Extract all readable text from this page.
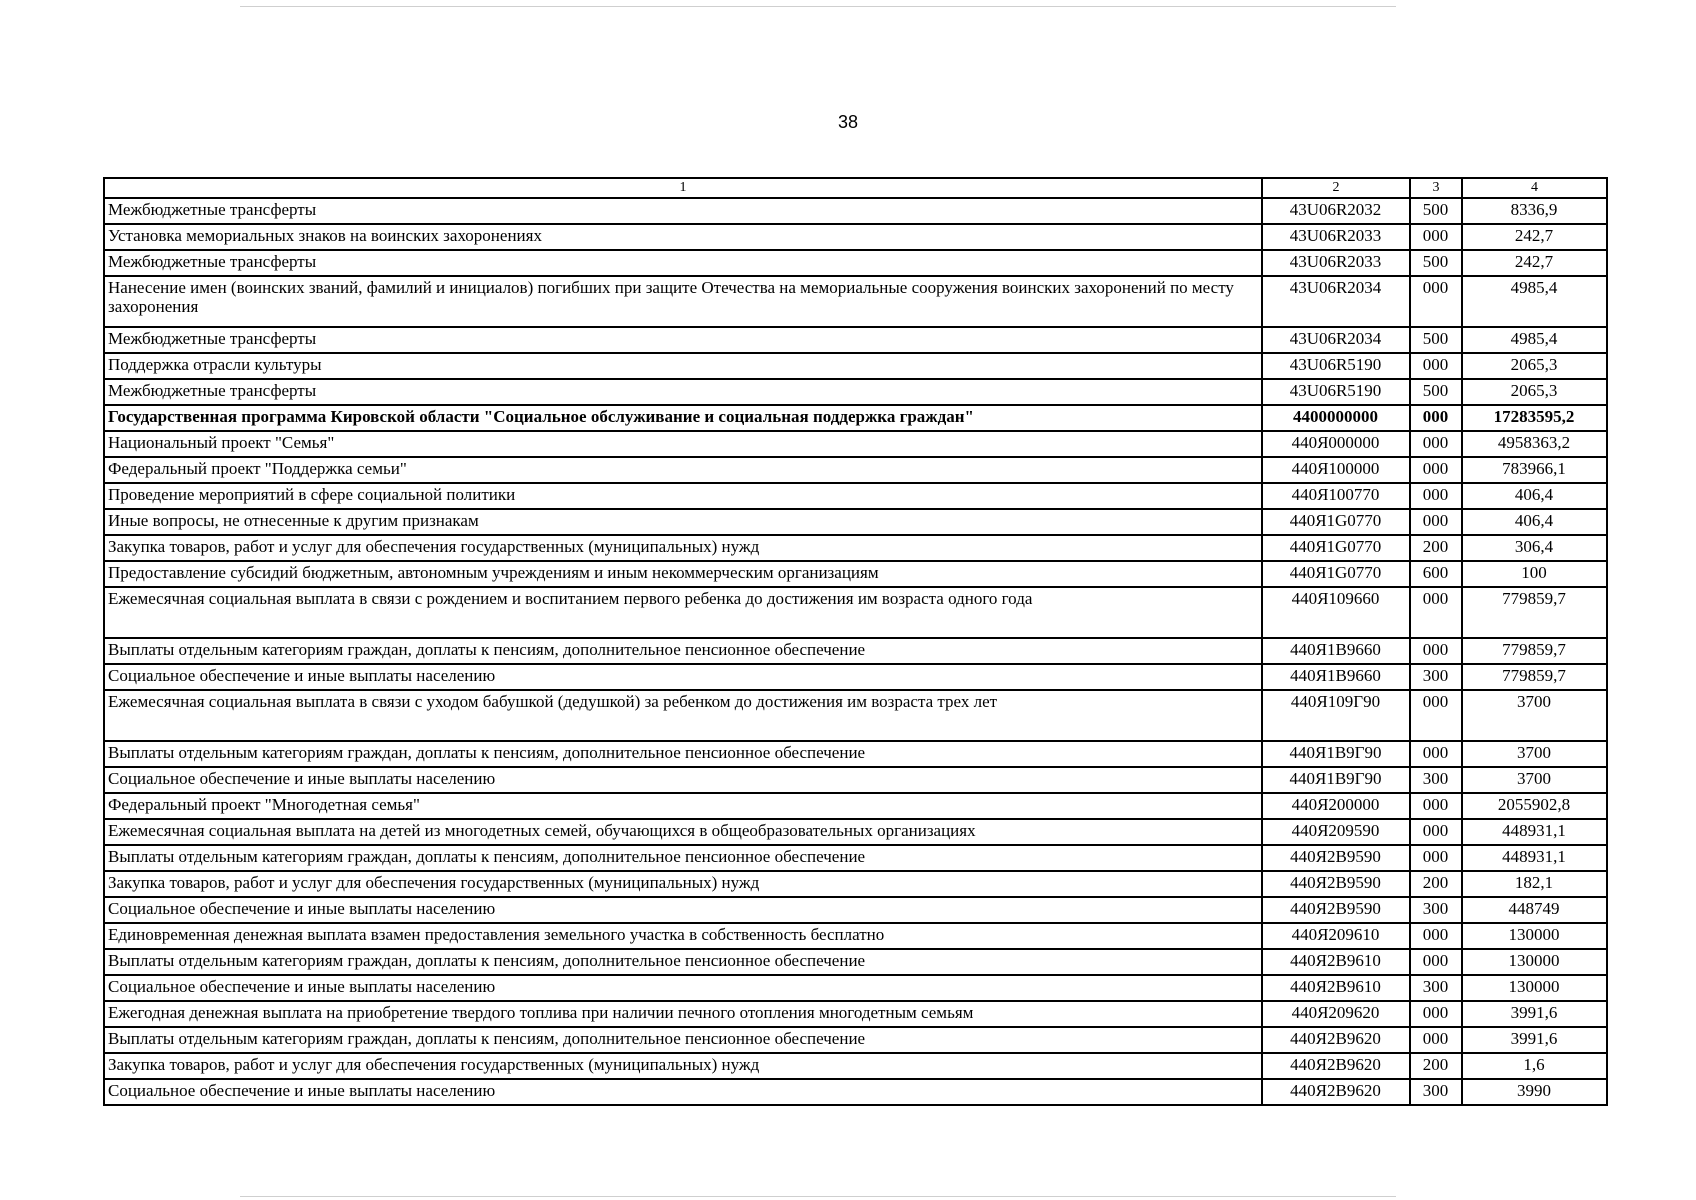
38
1	2	3	4
Межбюджетные трансферты	43U06R2032	500	8336,9
Установка мемориальных знаков на воинских захоронениях	43U06R2033	000	242,7
Межбюджетные трансферты	43U06R2033	500	242,7
Нанесение имен (воинских званий, фамилий и инициалов) погибших при защите Отечества на мемориальные сооружения воинских захоронений по месту захоронения	43U06R2034	000	4985,4
Межбюджетные трансферты	43U06R2034	500	4985,4
Поддержка отрасли культуры	43U06R5190	000	2065,3
Межбюджетные трансферты	43U06R5190	500	2065,3
Государственная программа Кировской области "Социальное обслуживание и социальная поддержка граждан"	4400000000	000	17283595,2
Национальный проект "Семья"	440Я000000	000	4958363,2
Федеральный проект "Поддержка семьи"	440Я100000	000	783966,1
Проведение мероприятий в сфере социальной политики	440Я100770	000	406,4
Иные вопросы, не отнесенные к другим признакам	440Я1G0770	000	406,4
Закупка товаров, работ и услуг для обеспечения государственных (муниципальных) нужд	440Я1G0770	200	306,4
Предоставление субсидий бюджетным, автономным учреждениям и иным некоммерческим организациям	440Я1G0770	600	100
Ежемесячная социальная выплата в связи с рождением и воспитанием первого ребенка до достижения им возраста одного года	440Я109660	000	779859,7
Выплаты отдельным категориям граждан, доплаты к пенсиям, дополнительное пенсионное обеспечение	440Я1B9660	000	779859,7
Социальное обеспечение и иные выплаты населению	440Я1B9660	300	779859,7
Ежемесячная социальная выплата в связи с уходом бабушкой (дедушкой) за ребенком до достижения им возраста трех лет	440Я109Г90	000	3700
Выплаты отдельным категориям граждан, доплаты к пенсиям, дополнительное пенсионное обеспечение	440Я1B9Г90	000	3700
Социальное обеспечение и иные выплаты населению	440Я1B9Г90	300	3700
Федеральный проект "Многодетная семья"	440Я200000	000	2055902,8
Ежемесячная социальная выплата на детей из многодетных семей, обучающихся в общеобразовательных организациях	440Я209590	000	448931,1
Выплаты отдельным категориям граждан, доплаты к пенсиям, дополнительное пенсионное обеспечение	440Я2B9590	000	448931,1
Закупка товаров, работ и услуг для обеспечения государственных (муниципальных) нужд	440Я2B9590	200	182,1
Социальное обеспечение и иные выплаты населению	440Я2B9590	300	448749
Единовременная денежная выплата взамен предоставления земельного участка в собственность бесплатно	440Я209610	000	130000
Выплаты отдельным категориям граждан, доплаты к пенсиям, дополнительное пенсионное обеспечение	440Я2B9610	000	130000
Социальное обеспечение и иные выплаты населению	440Я2B9610	300	130000
Ежегодная денежная выплата на приобретение твердого топлива при наличии печного отопления многодетным семьям	440Я209620	000	3991,6
Выплаты отдельным категориям граждан, доплаты к пенсиям, дополнительное пенсионное обеспечение	440Я2B9620	000	3991,6
Закупка товаров, работ и услуг для обеспечения государственных (муниципальных) нужд	440Я2B9620	200	1,6
Социальное обеспечение и иные выплаты населению	440Я2B9620	300	3990
